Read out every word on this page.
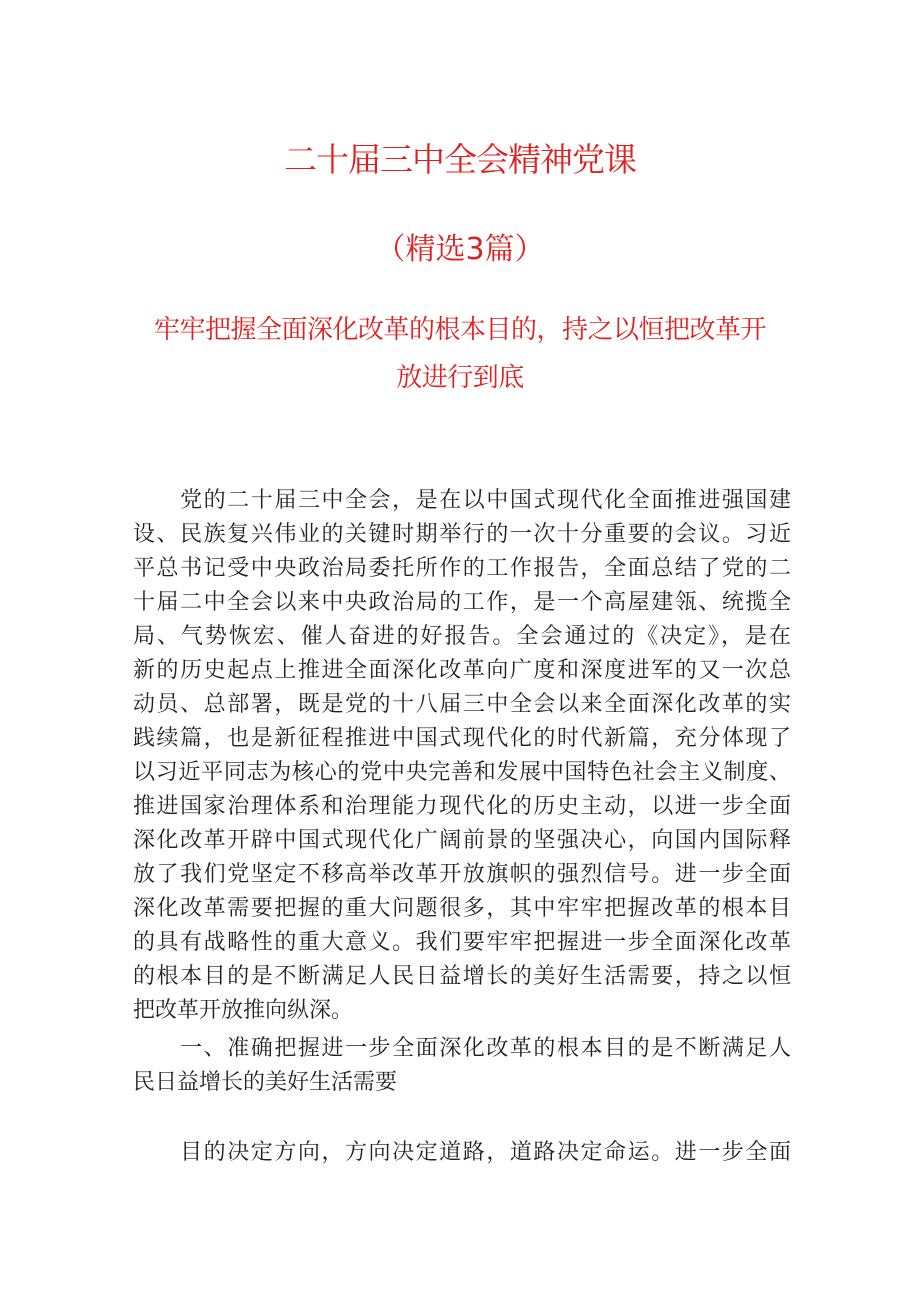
二十届三中全会精神党课
（精选3篇）
牢牢把握全面深化改革的根本目的，持之以恒把改革开
放进行到底
　　党的二十届三中全会，是在以中国式现代化全面推进强国建
设、民族复兴伟业的关键时期举行的一次十分重要的会议。习近
平总书记受中央政治局委托所作的工作报告，全面总结了党的二
十届二中全会以来中央政治局的工作，是一个高屋建瓴、统揽全
局、气势恢宏、催人奋进的好报告。全会通过的《决定》，是在
新的历史起点上推进全面深化改革向广度和深度进军的又一次总
动员、总部署，既是党的十八届三中全会以来全面深化改革的实
践续篇，也是新征程推进中国式现代化的时代新篇，充分体现了
以习近平同志为核心的党中央完善和发展中国特色社会主义制度、
推进国家治理体系和治理能力现代化的历史主动，以进一步全面
深化改革开辟中国式现代化广阔前景的坚强决心，向国内国际释
放了我们党坚定不移高举改革开放旗帜的强烈信号。进一步全面
深化改革需要把握的重大问题很多，其中牢牢把握改革的根本目
的具有战略性的重大意义。我们要牢牢把握进一步全面深化改革
的根本目的是不断满足人民日益增长的美好生活需要，持之以恒
把改革开放推向纵深。
　　一、准确把握进一步全面深化改革的根本目的是不断满足人
民日益增长的美好生活需要
　　目的决定方向，方向决定道路，道路决定命运。进一步全面
